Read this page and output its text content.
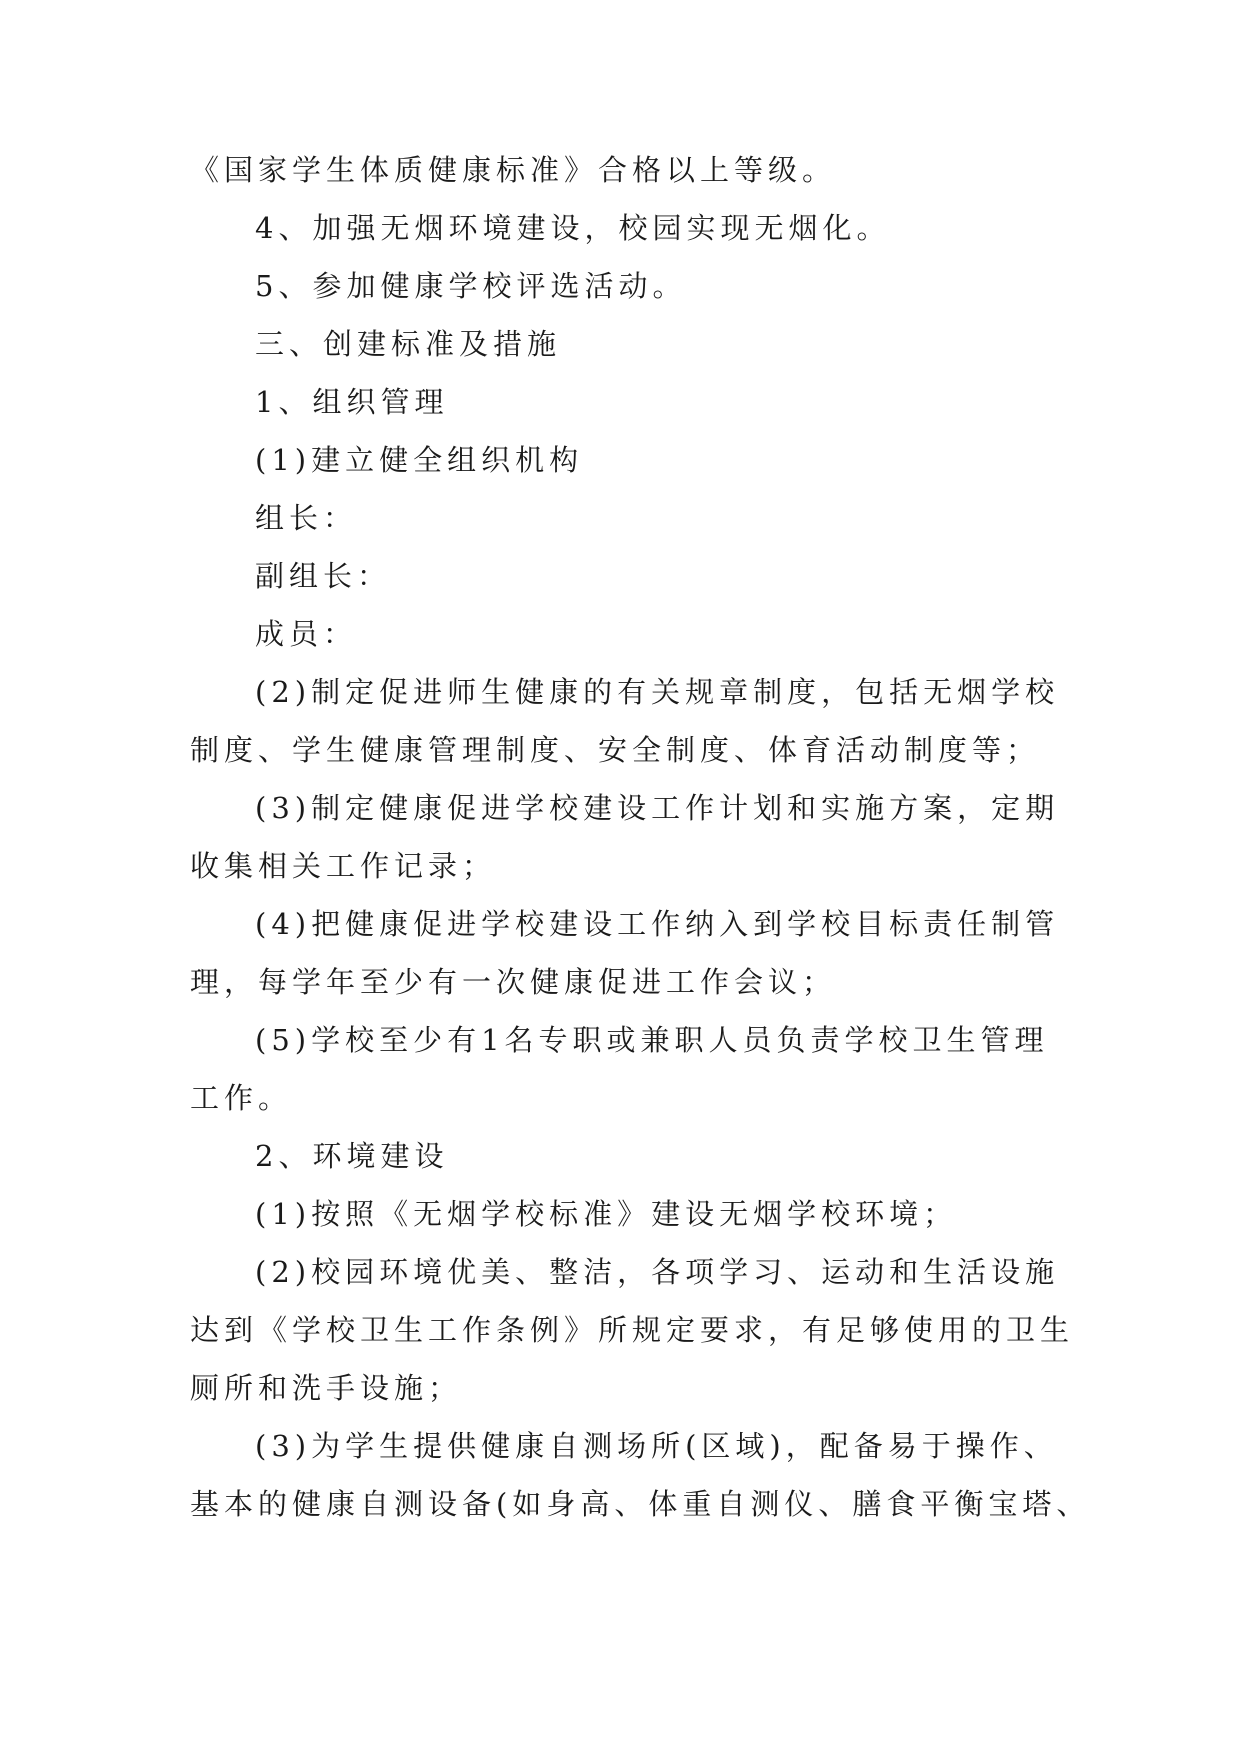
《国家学生体质健康标准》合格以上等级。
4、加强无烟环境建设，校园实现无烟化。
5、参加健康学校评选活动。
三、创建标准及措施
1、组织管理
(1)建立健全组织机构
组长：
副组长：
成员：
(2)制定促进师生健康的有关规章制度，包括无烟学校
制度、学生健康管理制度、安全制度、体育活动制度等；
(3)制定健康促进学校建设工作计划和实施方案，定期
收集相关工作记录；
(4)把健康促进学校建设工作纳入到学校目标责任制管
理，每学年至少有一次健康促进工作会议；
(5)学校至少有1名专职或兼职人员负责学校卫生管理
工作。
2、环境建设
(1)按照《无烟学校标准》建设无烟学校环境；
(2)校园环境优美、整洁，各项学习、运动和生活设施
达到《学校卫生工作条例》所规定要求，有足够使用的卫生
厕所和洗手设施；
(3)为学生提供健康自测场所(区域)，配备易于操作、
基本的健康自测设备(如身高、体重自测仪、膳食平衡宝塔、
